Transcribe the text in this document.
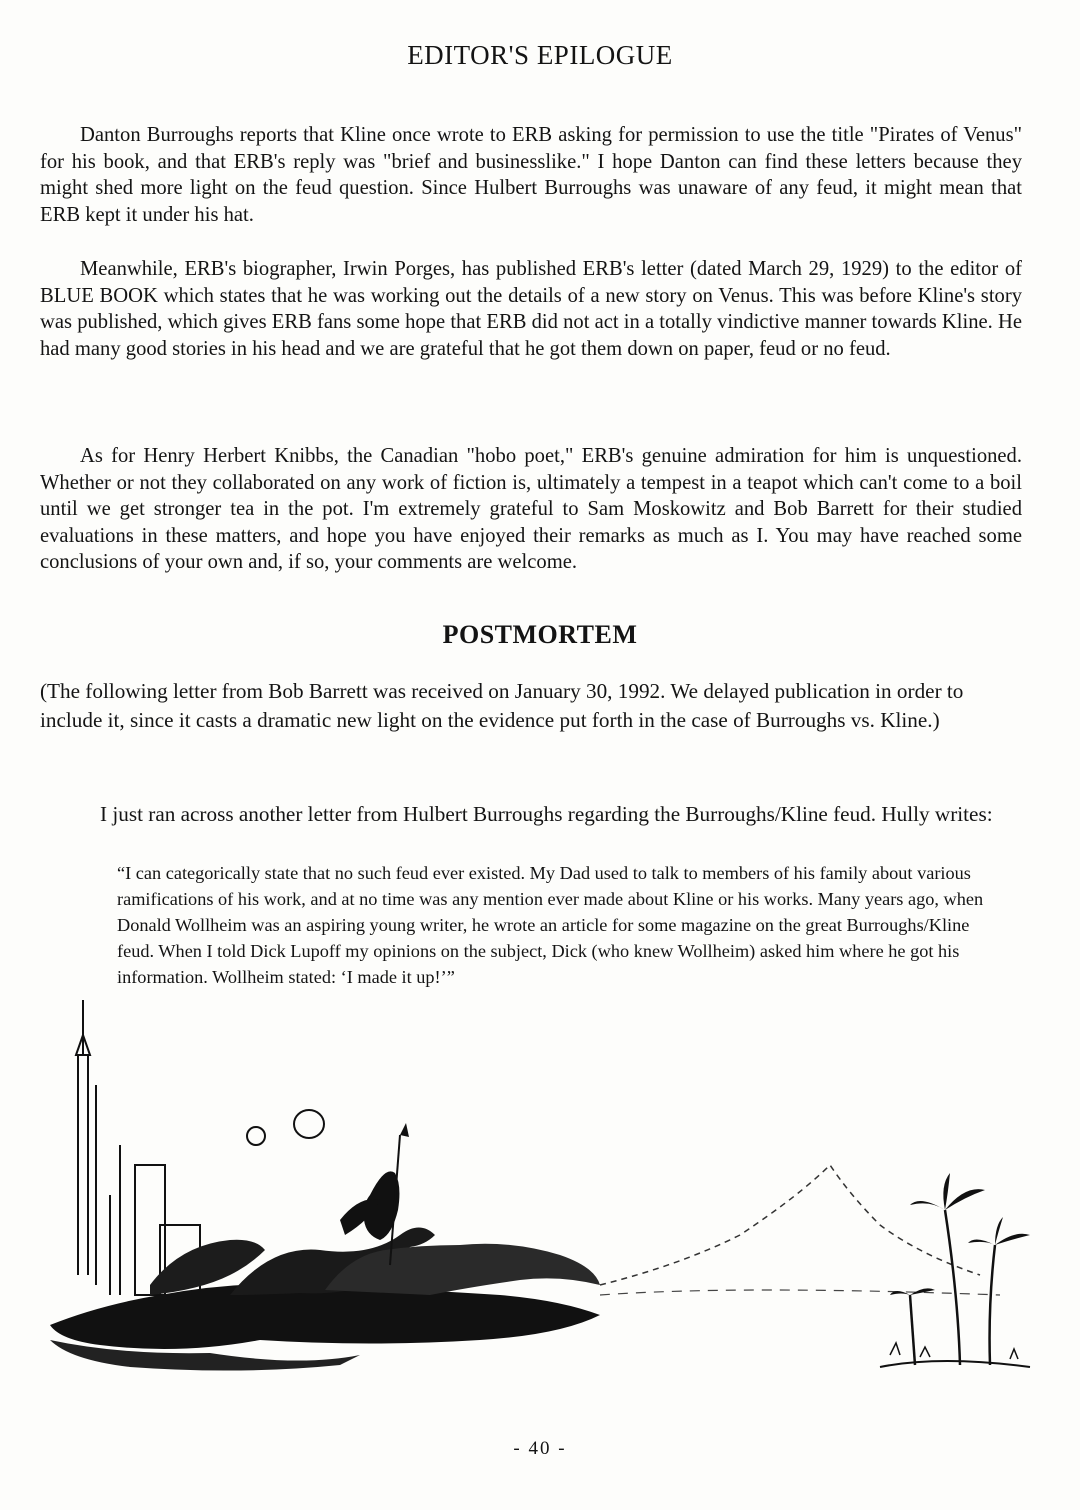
EDITOR'S EPILOGUE

Danton Burroughs reports that Kline once wrote to ERB asking for permission to use the title "Pirates of Venus" for his book, and that ERB's reply was "brief and businesslike." I hope Danton can find these letters because they might shed more light on the feud question. Since Hulbert Burroughs was unaware of any feud, it might mean that ERB kept it under his hat.

Meanwhile, ERB's biographer, Irwin Porges, has published ERB's letter (dated March 29, 1929) to the editor of BLUE BOOK which states that he was working out the details of a new story on Venus. This was before Kline's story was published, which gives ERB fans some hope that ERB did not act in a totally vindictive manner towards Kline. He had many good stories in his head and we are grateful that he got them down on paper, feud or no feud.

As for Henry Herbert Knibbs, the Canadian "hobo poet," ERB's genuine admiration for him is unquestioned. Whether or not they collaborated on any work of fiction is, ultimately a tempest in a teapot which can't come to a boil until we get stronger tea in the pot. I'm extremely grateful to Sam Moskowitz and Bob Barrett for their studied evaluations in these matters, and hope you have enjoyed their remarks as much as I. You may have reached some conclusions of your own and, if so, your comments are welcome.

POSTMORTEM

(The following letter from Bob Barrett was received on January 30, 1992. We delayed publication in order to include it, since it casts a dramatic new light on the evidence put forth in the case of Burroughs vs. Kline.)

I just ran across another letter from Hulbert Burroughs regarding the Burroughs/Kline feud. Hully writes:

“I can categorically state that no such feud ever existed. My Dad used to talk to members of his family about various ramifications of his work, and at no time was any mention ever made about Kline or his works. Many years ago, when Donald Wollheim was an aspiring young writer, he wrote an article for some magazine on the great Burroughs/Kline feud. When I told Dick Lupoff my opinions on the subject, Dick (who knew Wollheim) asked him where he got his information. Wollheim stated: ‘I made it up!’”

- 40 -
